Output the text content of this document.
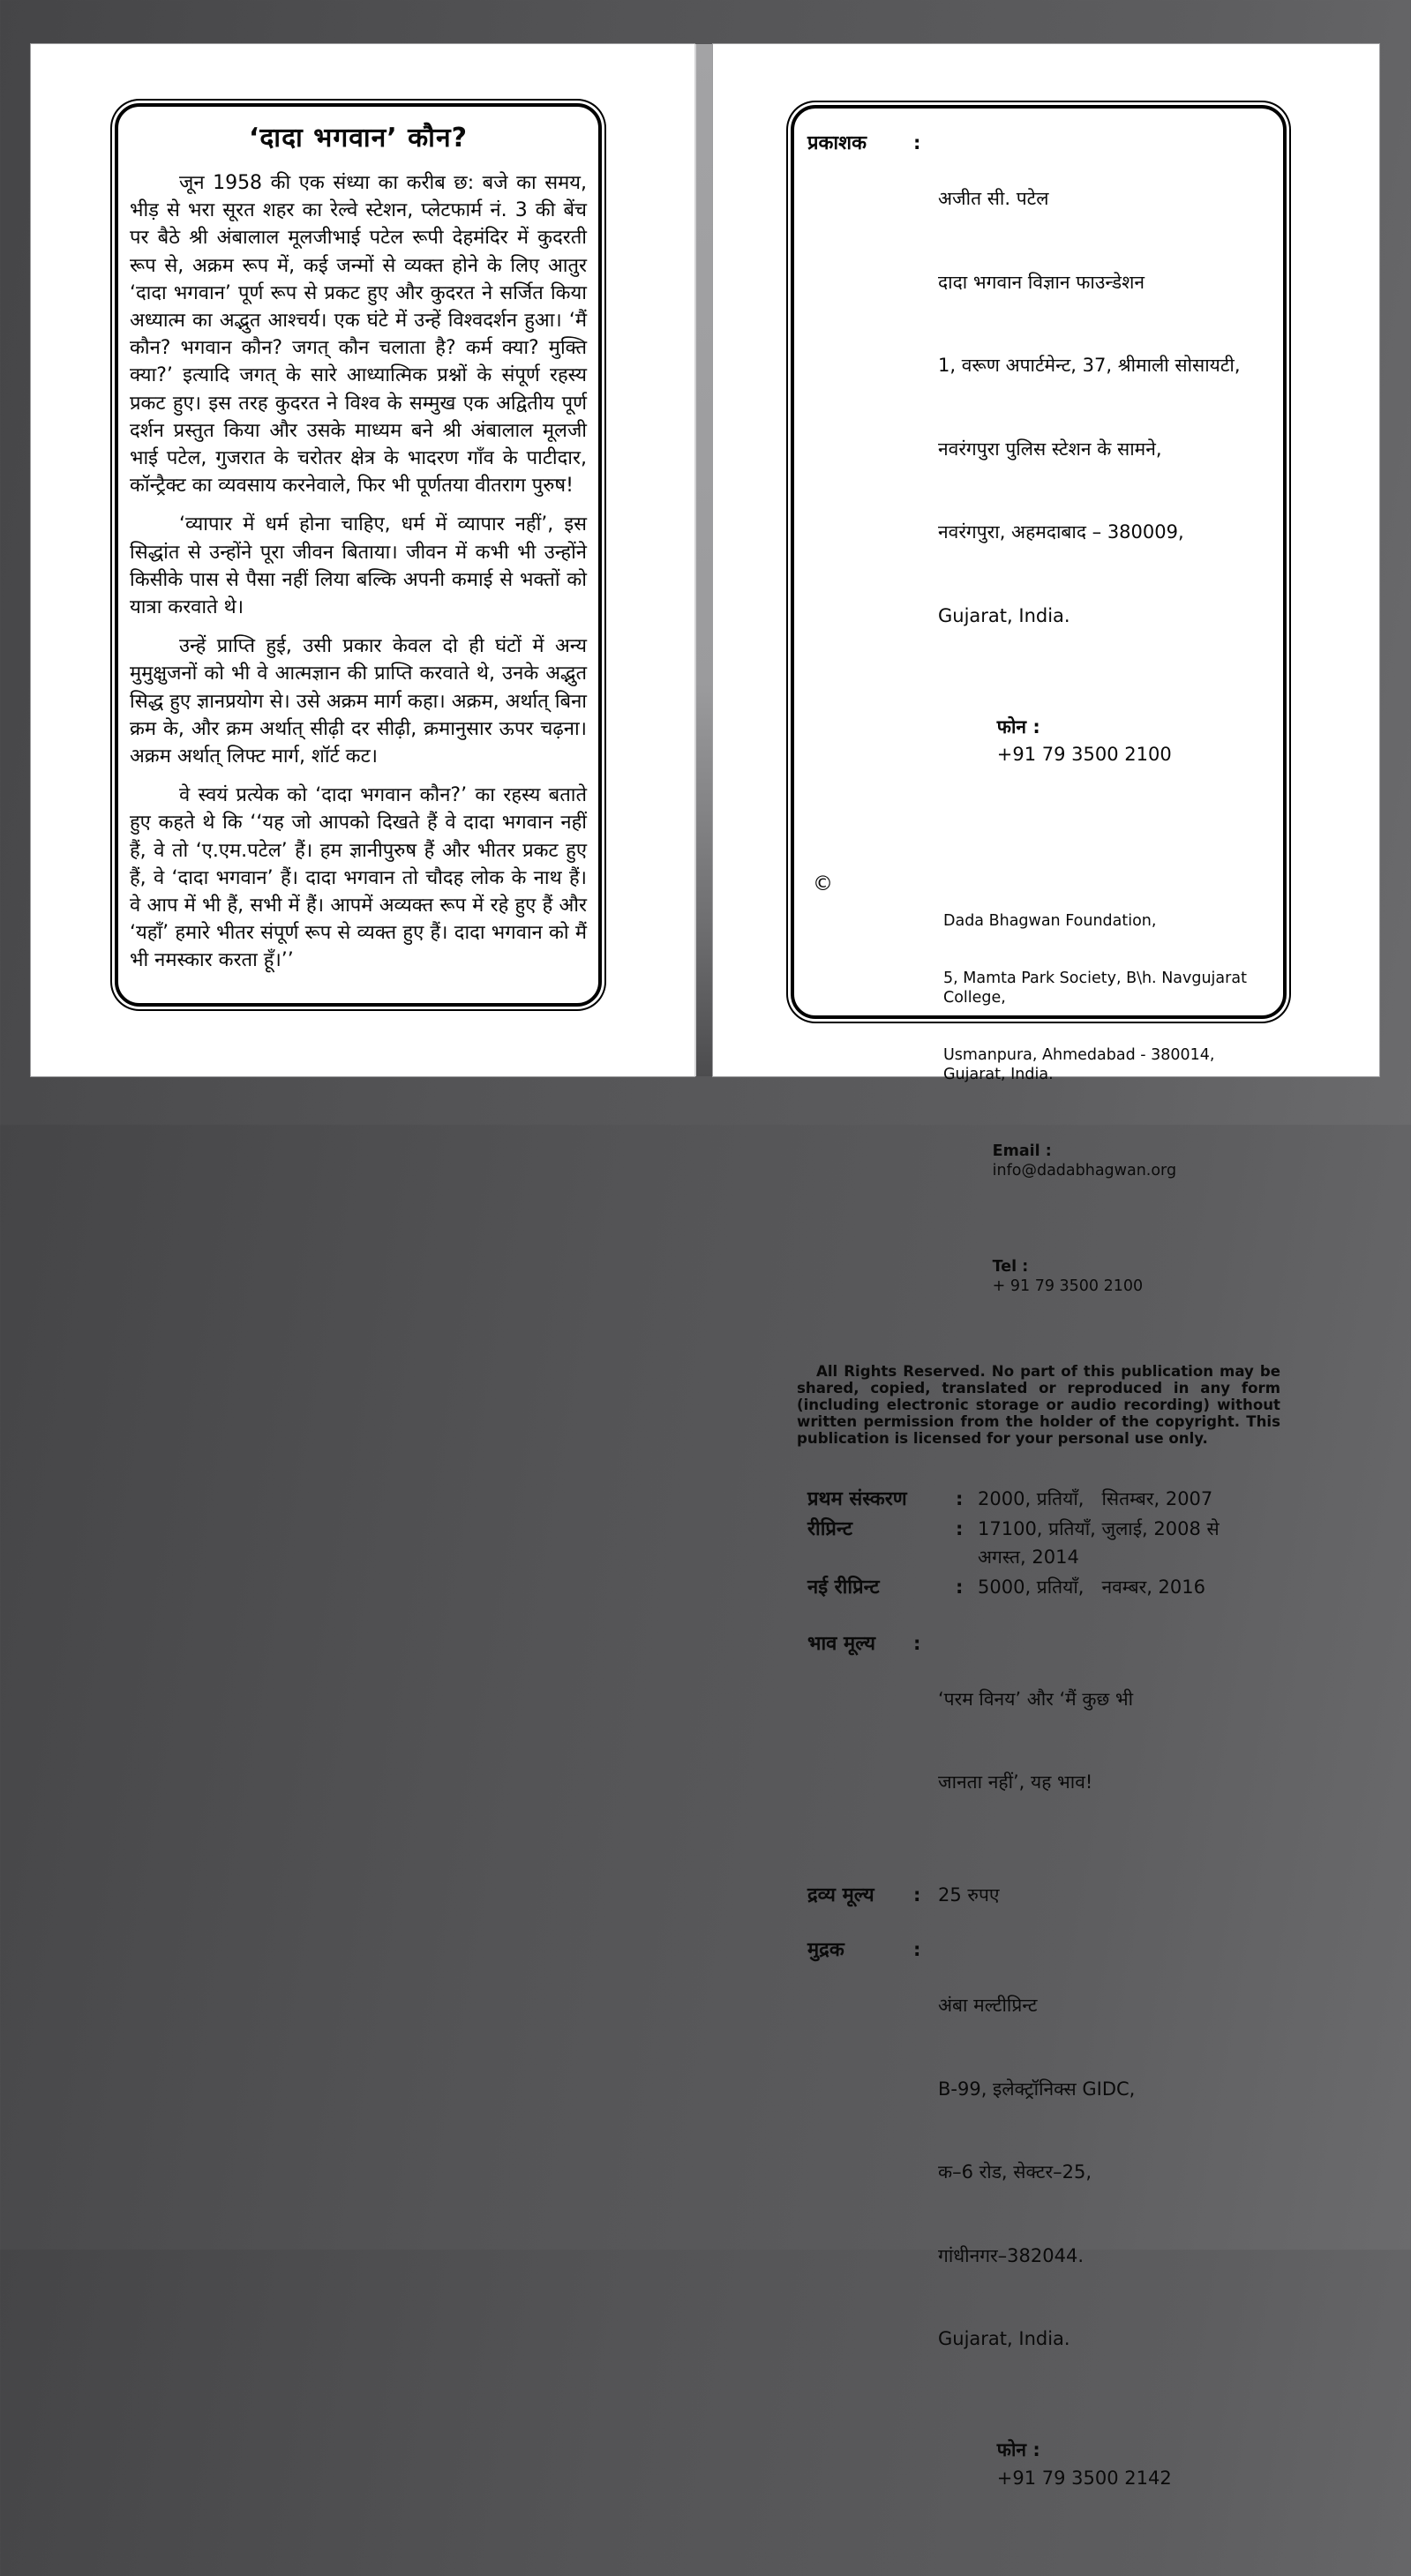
‘दादा भगवान’ कौन?
जून 1958 की एक संध्या का करीब छ: बजे का समय, भीड़ से भरा सूरत शहर का रेल्वे स्टेशन, प्लेटफार्म नं. 3 की बेंच पर बैठे श्री अंबालाल मूलजीभाई पटेल रूपी देहमंदिर में कुदरती रूप से, अक्रम रूप में, कई जन्मों से व्यक्त होने के लिए आतुर ‘दादा भगवान’ पूर्ण रूप से प्रकट हुए और कुदरत ने सर्जित किया अध्यात्म का अद्भुत आश्चर्य। एक घंटे में उन्हें विश्वदर्शन हुआ। ‘मैं कौन? भगवान कौन? जगत् कौन चलाता है? कर्म क्या? मुक्ति क्या?’ इत्यादि जगत् के सारे आध्यात्मिक प्रश्नों के संपूर्ण रहस्य प्रकट हुए। इस तरह कुदरत ने विश्व के सम्मुख एक अद्वितीय पूर्ण दर्शन प्रस्तुत किया और उसके माध्यम बने श्री अंबालाल मूलजी भाई पटेल, गुजरात के चरोतर क्षेत्र के भादरण गाँव के पाटीदार, कॉन्ट्रैक्ट का व्यवसाय करनेवाले, फिर भी पूर्णतया वीतराग पुरुष!
‘व्यापार में धर्म होना चाहिए, धर्म में व्यापार नहीं’, इस सिद्धांत से उन्होंने पूरा जीवन बिताया। जीवन में कभी भी उन्होंने किसीके पास से पैसा नहीं लिया बल्कि अपनी कमाई से भक्तों को यात्रा करवाते थे।
उन्हें प्राप्ति हुई, उसी प्रकार केवल दो ही घंटों में अन्य मुमुक्षुजनों को भी वे आत्मज्ञान की प्राप्ति करवाते थे, उनके अद्भुत सिद्ध हुए ज्ञानप्रयोग से। उसे अक्रम मार्ग कहा। अक्रम, अर्थात् बिना क्रम के, और क्रम अर्थात् सीढ़ी दर सीढ़ी, क्रमानुसार ऊपर चढ़ना। अक्रम अर्थात् लिफ्ट मार्ग, शॉर्ट कट।
वे स्वयं प्रत्येक को ‘दादा भगवान कौन?’ का रहस्य बताते हुए कहते थे कि ‘‘यह जो आपको दिखते हैं वे दादा भगवान नहीं हैं, वे तो ‘ए.एम.पटेल’ हैं। हम ज्ञानीपुरुष हैं और भीतर प्रकट हुए हैं, वे ‘दादा भगवान’ हैं। दादा भगवान तो चौदह लोक के नाथ हैं। वे आप में भी हैं, सभी में हैं। आपमें अव्यक्त रूप में रहे हुए हैं और ‘यहाँ’ हमारे भीतर संपूर्ण रूप से व्यक्त हुए हैं। दादा भगवान को मैं भी नमस्कार करता हूँ।’’
प्रकाशक	:

अजीत सी. पटेल

दादा भगवान विज्ञान फाउन्डेशन

1, वरूण अपार्टमेन्ट, 37, श्रीमाली सोसायटी,

नवरंगपुरा पुलिस स्टेशन के सामने,

नवरंगपुरा, अहमदाबाद – 380009,

Gujarat, India.

फोन :
+91 79 3500 2100

©

Dada Bhagwan Foundation,

5, Mamta Park Society, B\h. Navgujarat College,

Usmanpura, Ahmedabad - 380014, Gujarat, India.

Email :
info@dadabhagwan.org

Tel :
+ 91 79 3500 2100

All Rights Reserved. No part of this publication may be shared, copied, translated or reproduced in any form (including electronic storage or audio recording) without written permission from the holder of the copyright. This publication is licensed for your personal use only.
प्रथम संस्करण	: 2000, प्रतियाँ,   सितम्बर, 2007
रीप्रिन्ट	: 17100, प्रतियाँ, जुलाई, 2008 से अगस्त, 2014
नई रीप्रिन्ट	: 5000, प्रतियाँ,   नवम्बर, 2016
भाव मूल्य	:

‘परम विनय’ और ‘मैं कुछ भी

जानता नहीं’, यह भाव!

द्रव्य मूल्य	: 25 रुपए
मुद्रक	:

अंबा मल्टीप्रिन्ट

B-99, इलेक्ट्रॉनिक्स GIDC,

क–6 रोड, सेक्टर–25,

गांधीनगर–382044.

Gujarat, India.

फोन :
+91 79 3500 2142
